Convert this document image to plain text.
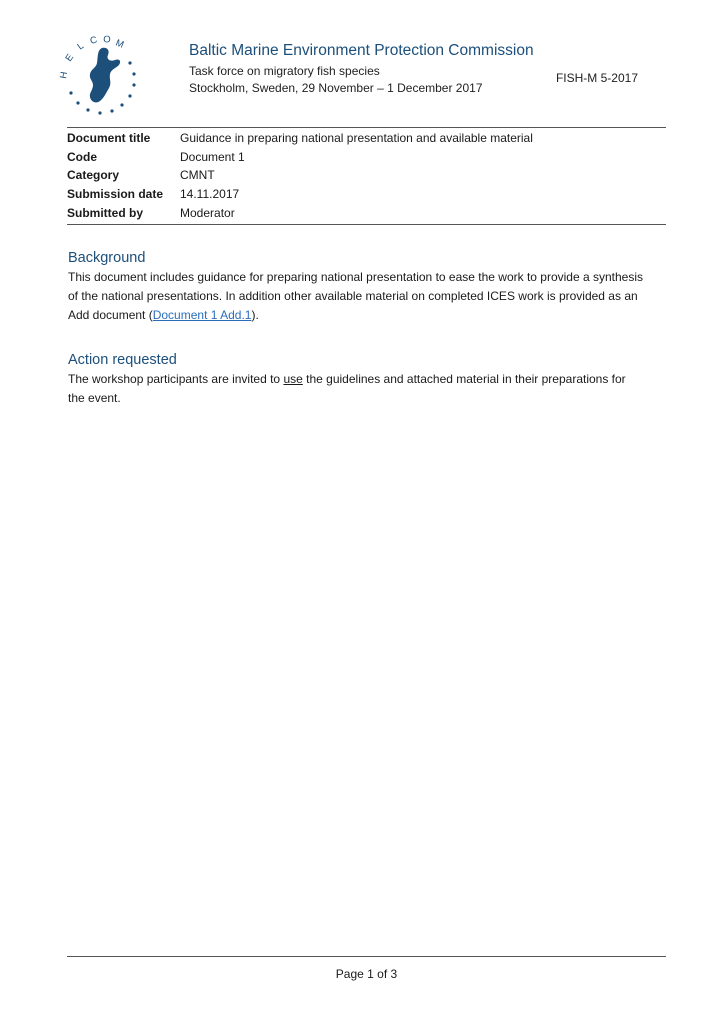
H
E
L C O M	Baltic Marine Environment Protection Commission
Task force on migratory fish species
Stockholm, Sweden, 29 November – 1 December 2017
FISH-M 5-2017
Document title	Guidance in preparing national presentation and available material
Code	Document 1
Category	CMNT
Submission date	14.11.2017
Submitted by	Moderator
Background
This document includes guidance for preparing national presentation to ease the work to provide a synthesis
of the national presentations. In addition other available material on completed ICES work is provided as an
Add document (Document 1 Add.1).
Action requested
The workshop participants are invited to use the guidelines and attached material in their preparations for
the event.
Page 1 of 3
